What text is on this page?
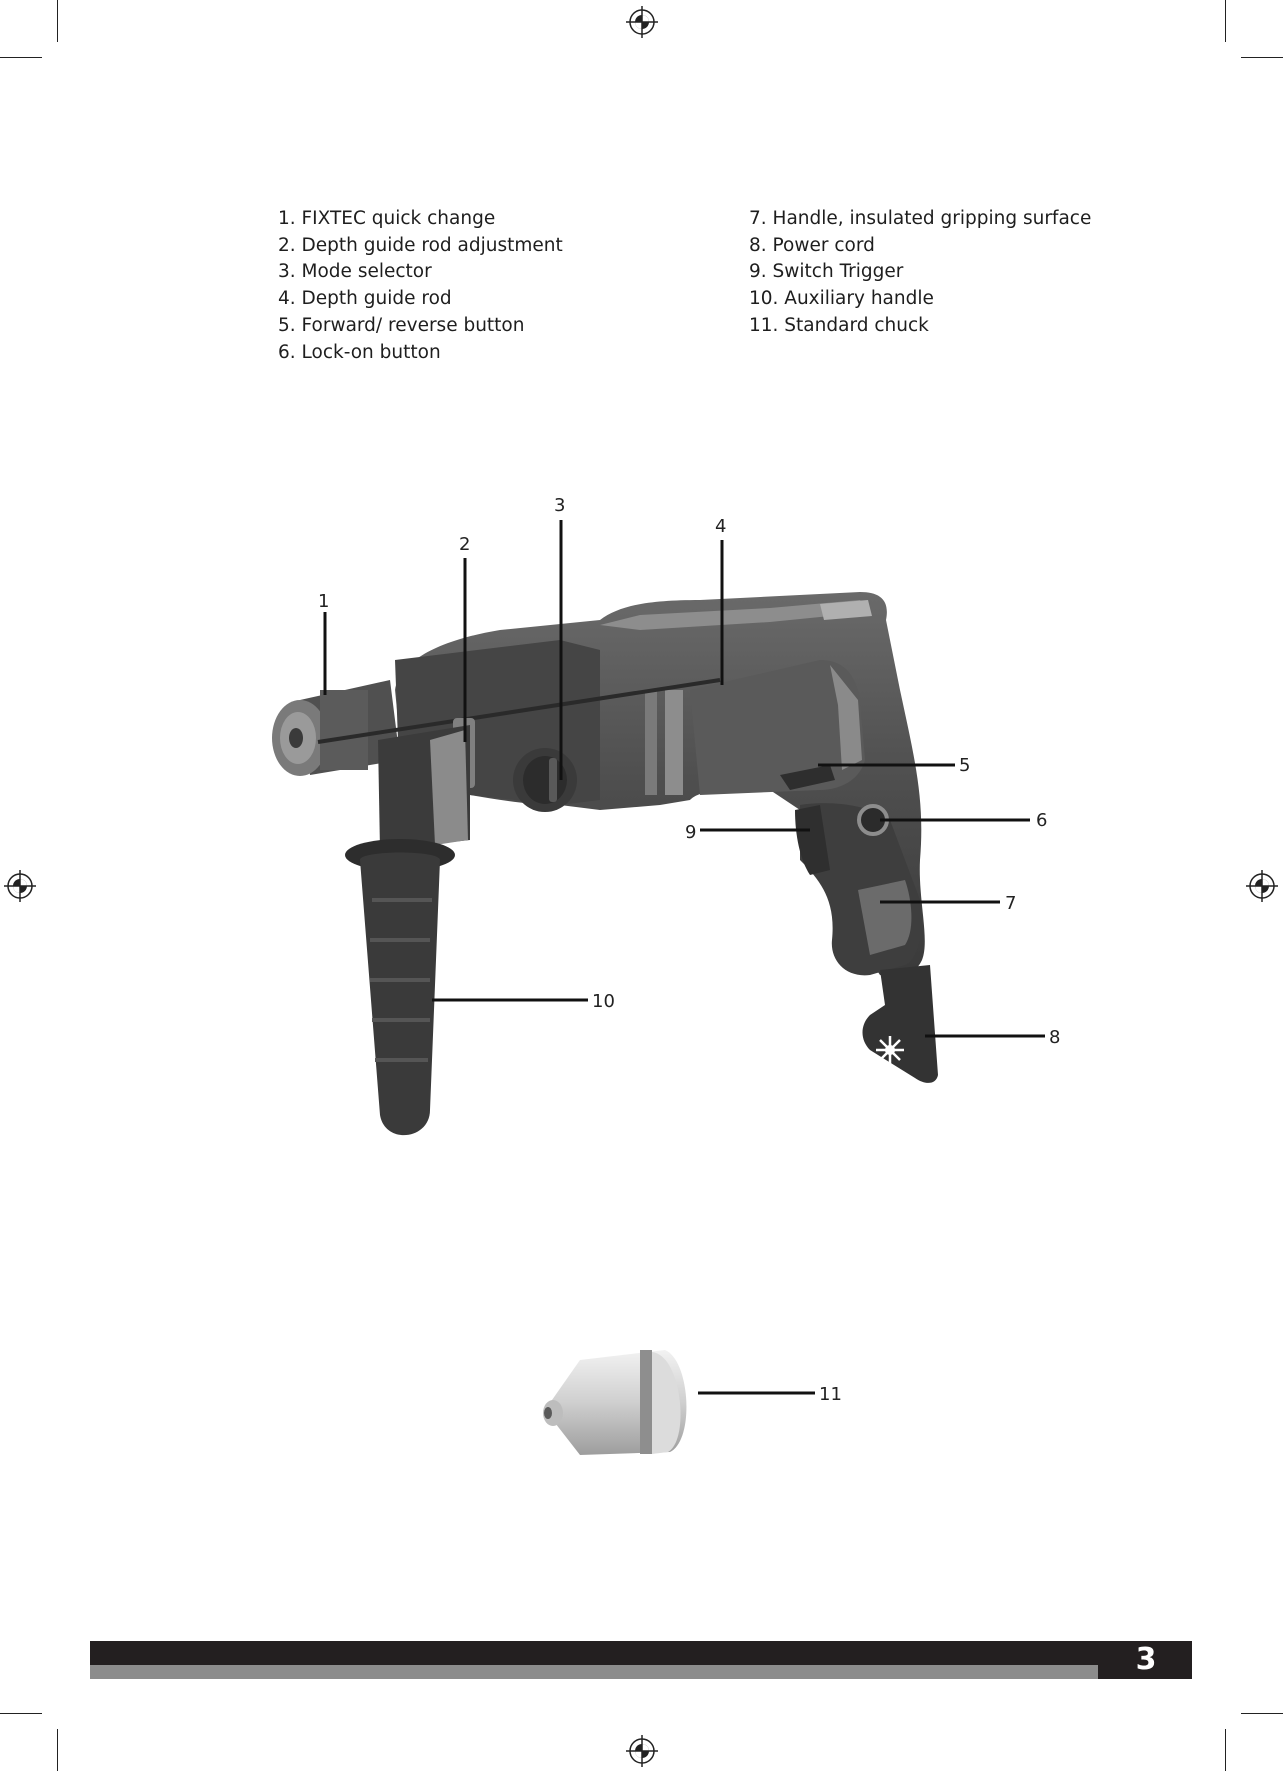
1. FIXTEC quick change
2. Depth guide rod adjustment
3. Mode selector
4. Depth guide rod
5. Forward/ reverse button
6. Lock-on button
7. Handle, insulated gripping surface
8. Power cord
9. Switch Trigger
10. Auxiliary handle
11. Standard chuck
1
2
3
4
5
6
7
8
9
10
11
3
